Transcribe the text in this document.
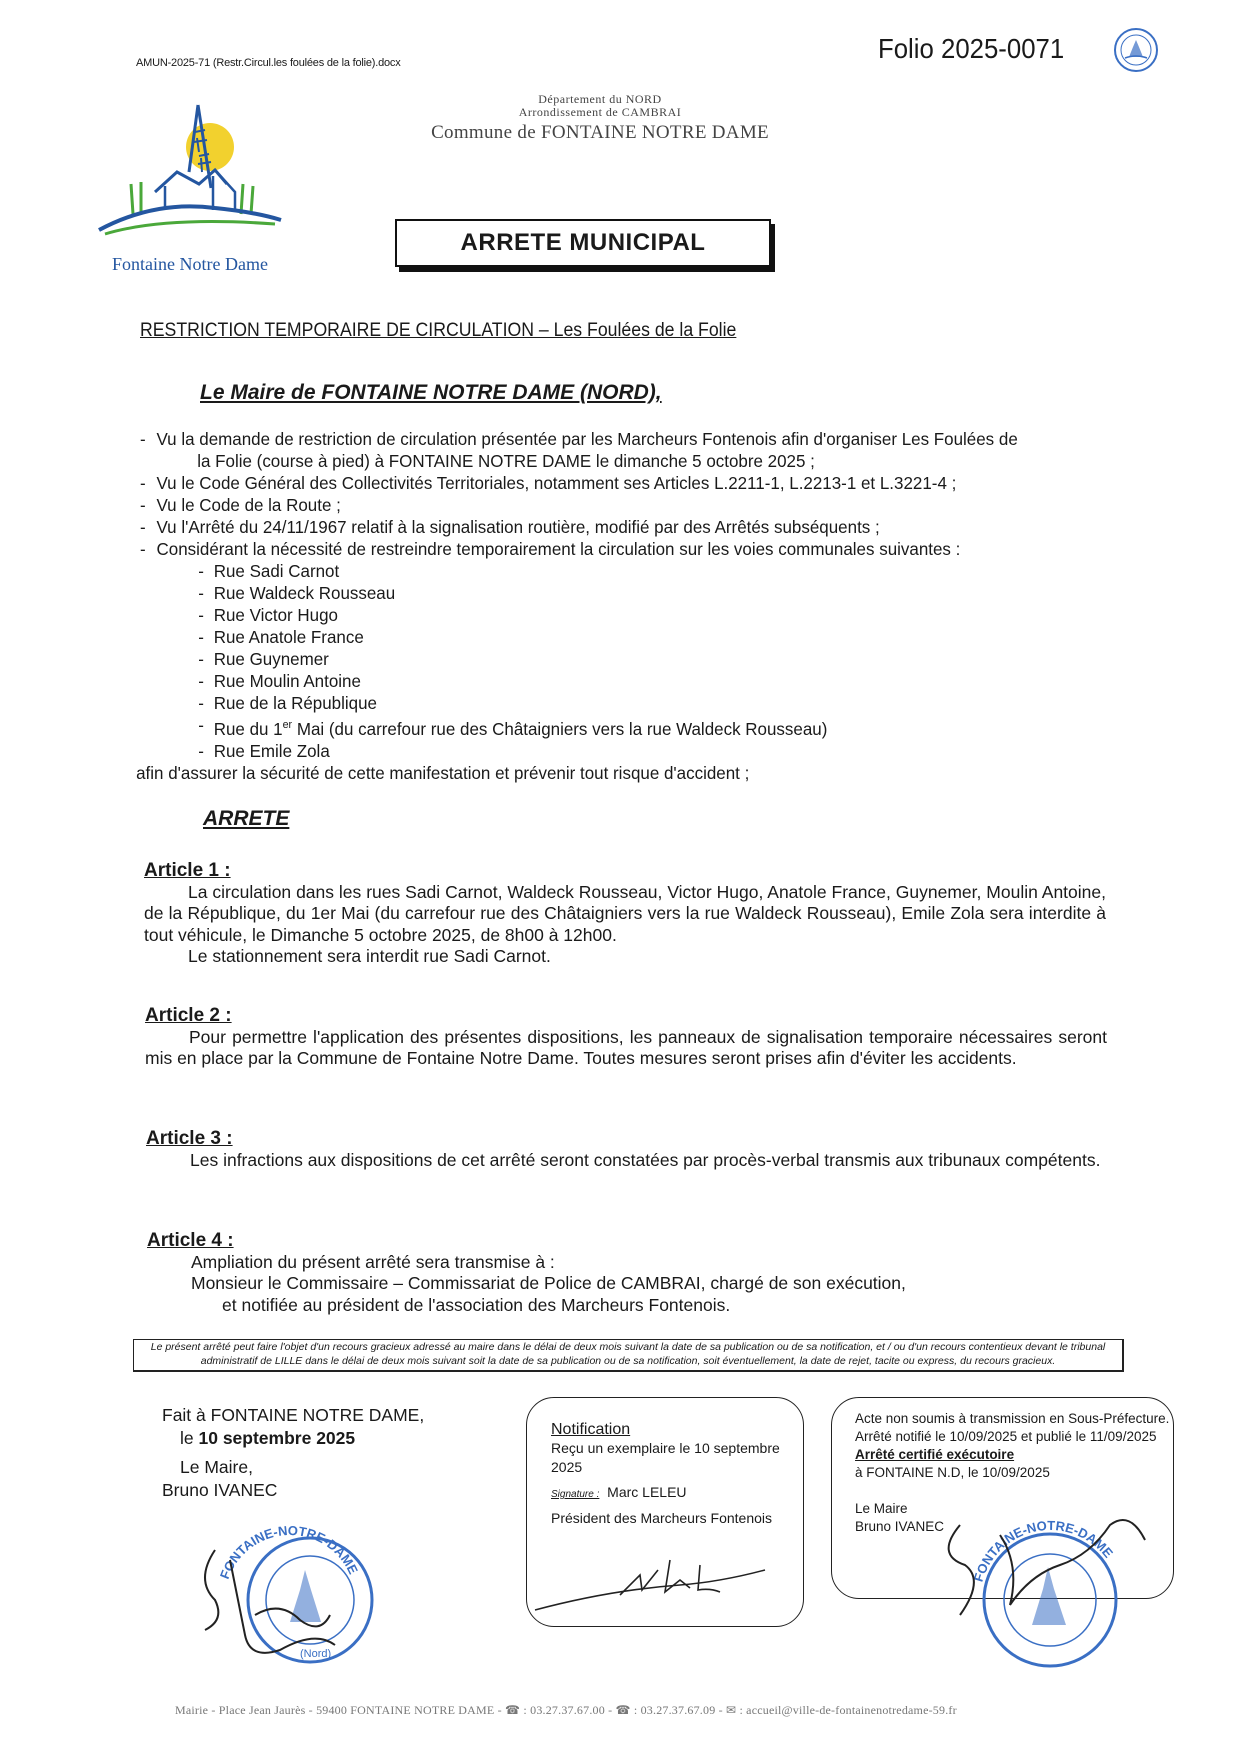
AMUN-2025-71 (Restr.Circul.les foulées de la folie).docx	Folio 2025-0071
Département du NORD
Arrondissement de CAMBRAI
Commune de FONTAINE NOTRE DAME
Fontaine Notre Dame
ARRETE MUNICIPAL
RESTRICTION TEMPORAIRE DE CIRCULATION – Les Foulées de la Folie
Le Maire de FONTAINE NOTRE DAME (NORD),
- Vu la demande de restriction de circulation présentée par les Marcheurs Fontenois afin d'organiser Les Foulées de
la Folie (course à pied) à FONTAINE NOTRE DAME le dimanche 5 octobre 2025 ;
- Vu le Code Général des Collectivités Territoriales, notamment ses Articles L.2211-1, L.2213-1 et L.3221-4 ;
- Vu le Code de la Route ;
- Vu l'Arrêté du 24/11/1967 relatif à la signalisation routière, modifié par des Arrêtés subséquents ;
- Considérant la nécessité de restreindre temporairement la circulation sur les voies communales suivantes :
- Rue Sadi Carnot
- Rue Waldeck Rousseau
- Rue Victor Hugo
- Rue Anatole France
- Rue Guynemer
- Rue Moulin Antoine
- Rue de la République
- Rue du 1er Mai (du carrefour rue des Châtaigniers vers la rue Waldeck Rousseau)
- Rue Emile Zola
afin d'assurer la sécurité de cette manifestation et prévenir tout risque d'accident ;
ARRETE
Article 1 :
La circulation dans les rues Sadi Carnot, Waldeck Rousseau, Victor Hugo, Anatole France, Guynemer, Moulin Antoine, de la République, du 1er Mai (du carrefour rue des Châtaigniers vers la rue Waldeck Rousseau), Emile Zola sera interdite à tout véhicule, le Dimanche 5 octobre 2025, de 8h00 à 12h00.
Le stationnement sera interdit rue Sadi Carnot.
Article 2 :
Pour permettre l'application des présentes dispositions, les panneaux de signalisation temporaire nécessaires seront mis en place par la Commune de Fontaine Notre Dame. Toutes mesures seront prises afin d'éviter les accidents.
Article 3 :
Les infractions aux dispositions de cet arrêté seront constatées par procès-verbal transmis aux tribunaux compétents.
Article 4 :
Ampliation du présent arrêté sera transmise à :
Monsieur le Commissaire – Commissariat de Police de CAMBRAI, chargé de son exécution,
et notifiée au président de l'association des Marcheurs Fontenois.
Le présent arrêté peut faire l'objet d'un recours gracieux adressé au maire dans le délai de deux mois suivant la date de sa publication ou de sa notification, et / ou d'un recours contentieux devant le tribunal
administratif de LILLE dans le délai de deux mois suivant soit la date de sa publication ou de sa notification, soit éventuellement, la date de rejet, tacite ou express, du recours gracieux.
Fait à FONTAINE NOTRE DAME,
le 10 septembre 2025
Le Maire,
Bruno IVANEC
FONTAINE-NOTRE-DAME
(Nord)
Notification
Reçu un exemplaire le 10 septembre 2025
Signature : Marc LELEU
Président des Marcheurs Fontenois
Acte non soumis à transmission en Sous-Préfecture.
Arrêté notifié le 10/09/2025 et publié le 11/09/2025
Arrêté certifié exécutoire
à FONTAINE N.D, le 10/09/2025
Le Maire
Bruno IVANEC
FONTAINE-NOTRE-DAME
Mairie - Place Jean Jaurès - 59400 FONTAINE NOTRE DAME - ☎ : 03.27.37.67.00 - ☎ : 03.27.37.67.09 - ✉ : accueil@ville-de-fontainenotredame-59.fr
